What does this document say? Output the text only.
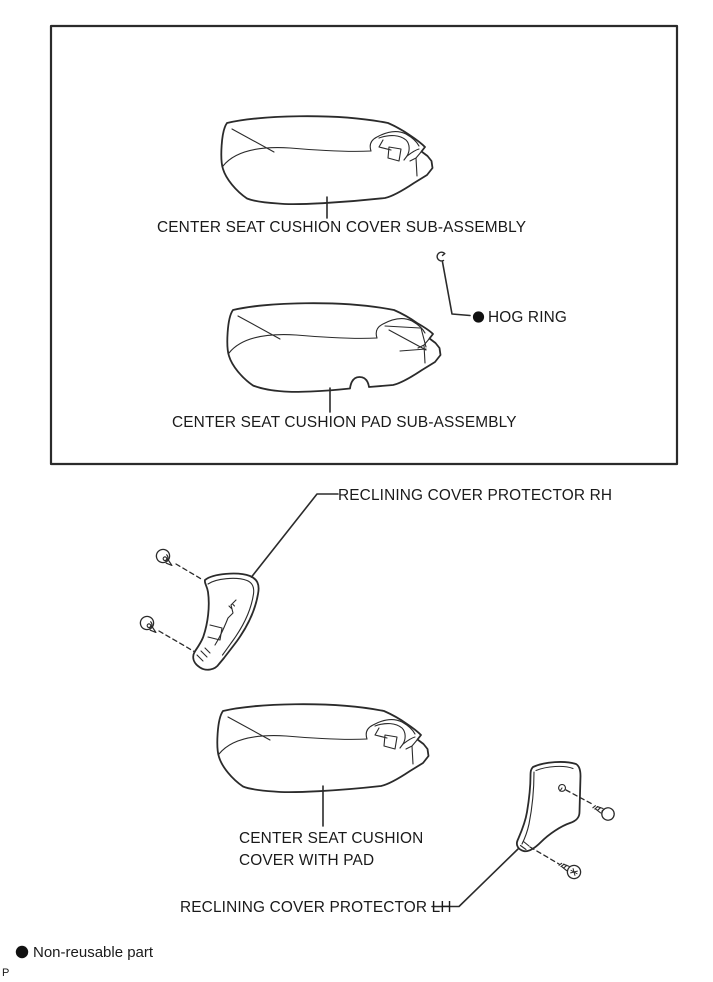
CENTER SEAT CUSHION COVER SUB-ASSEMBLY
CENTER SEAT CUSHION PAD SUB-ASSEMBLY
HOG RING
RECLINING COVER PROTECTOR RH
CENTER SEAT CUSHION
COVER WITH PAD
RECLINING COVER PROTECTOR LH
Non-reusable part
P
